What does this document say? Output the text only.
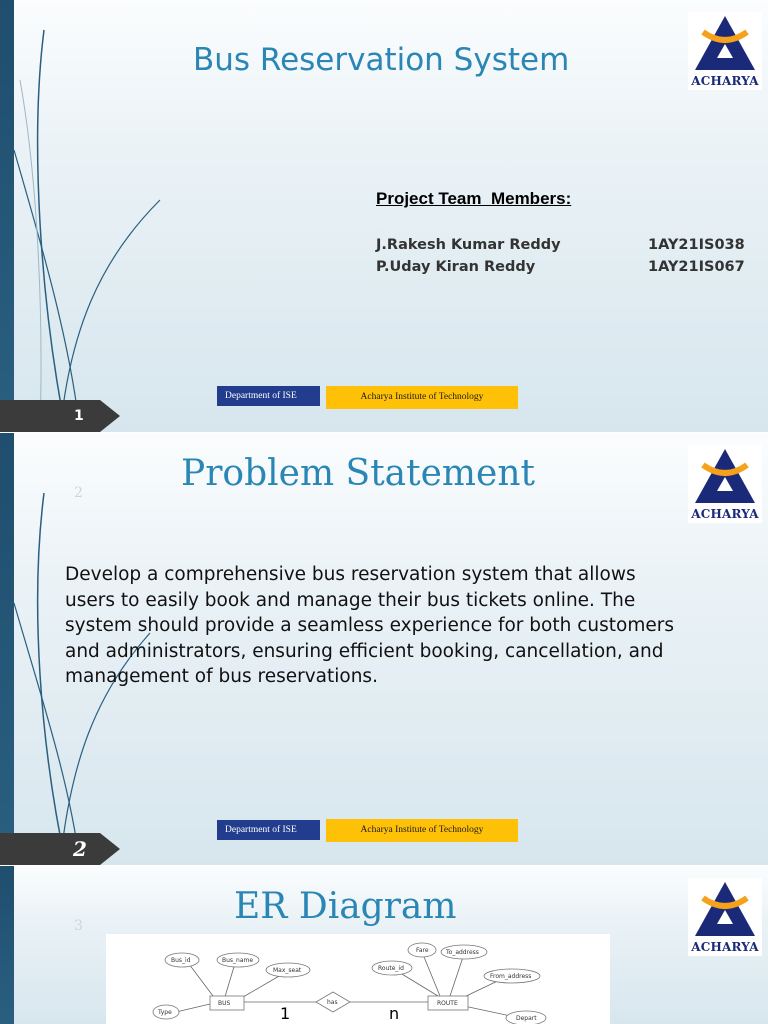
Bus Reservation System
ACHARYA
Project Team  Members:
J.Rakesh Kumar Reddy	1AY21IS038
P.Uday Kiran Reddy	1AY21IS067
Department of ISE	Acharya Institute of Technology
1
2	Problem Statement
ACHARYA
Develop a comprehensive bus reservation system that allows users to easily book and manage their bus tickets online. The system should provide a seamless experience for both customers and administrators, ensuring efficient booking, cancellation, and management of bus reservations.
Department of ISE	Acharya Institute of Technology
2
3	ER Diagram
ACHARYA
Bus_id	Bus_name
Max_seat
Type
Route_id
Fare	To_address
From_address
Depart
BUS	ROUTE
has
1	n
